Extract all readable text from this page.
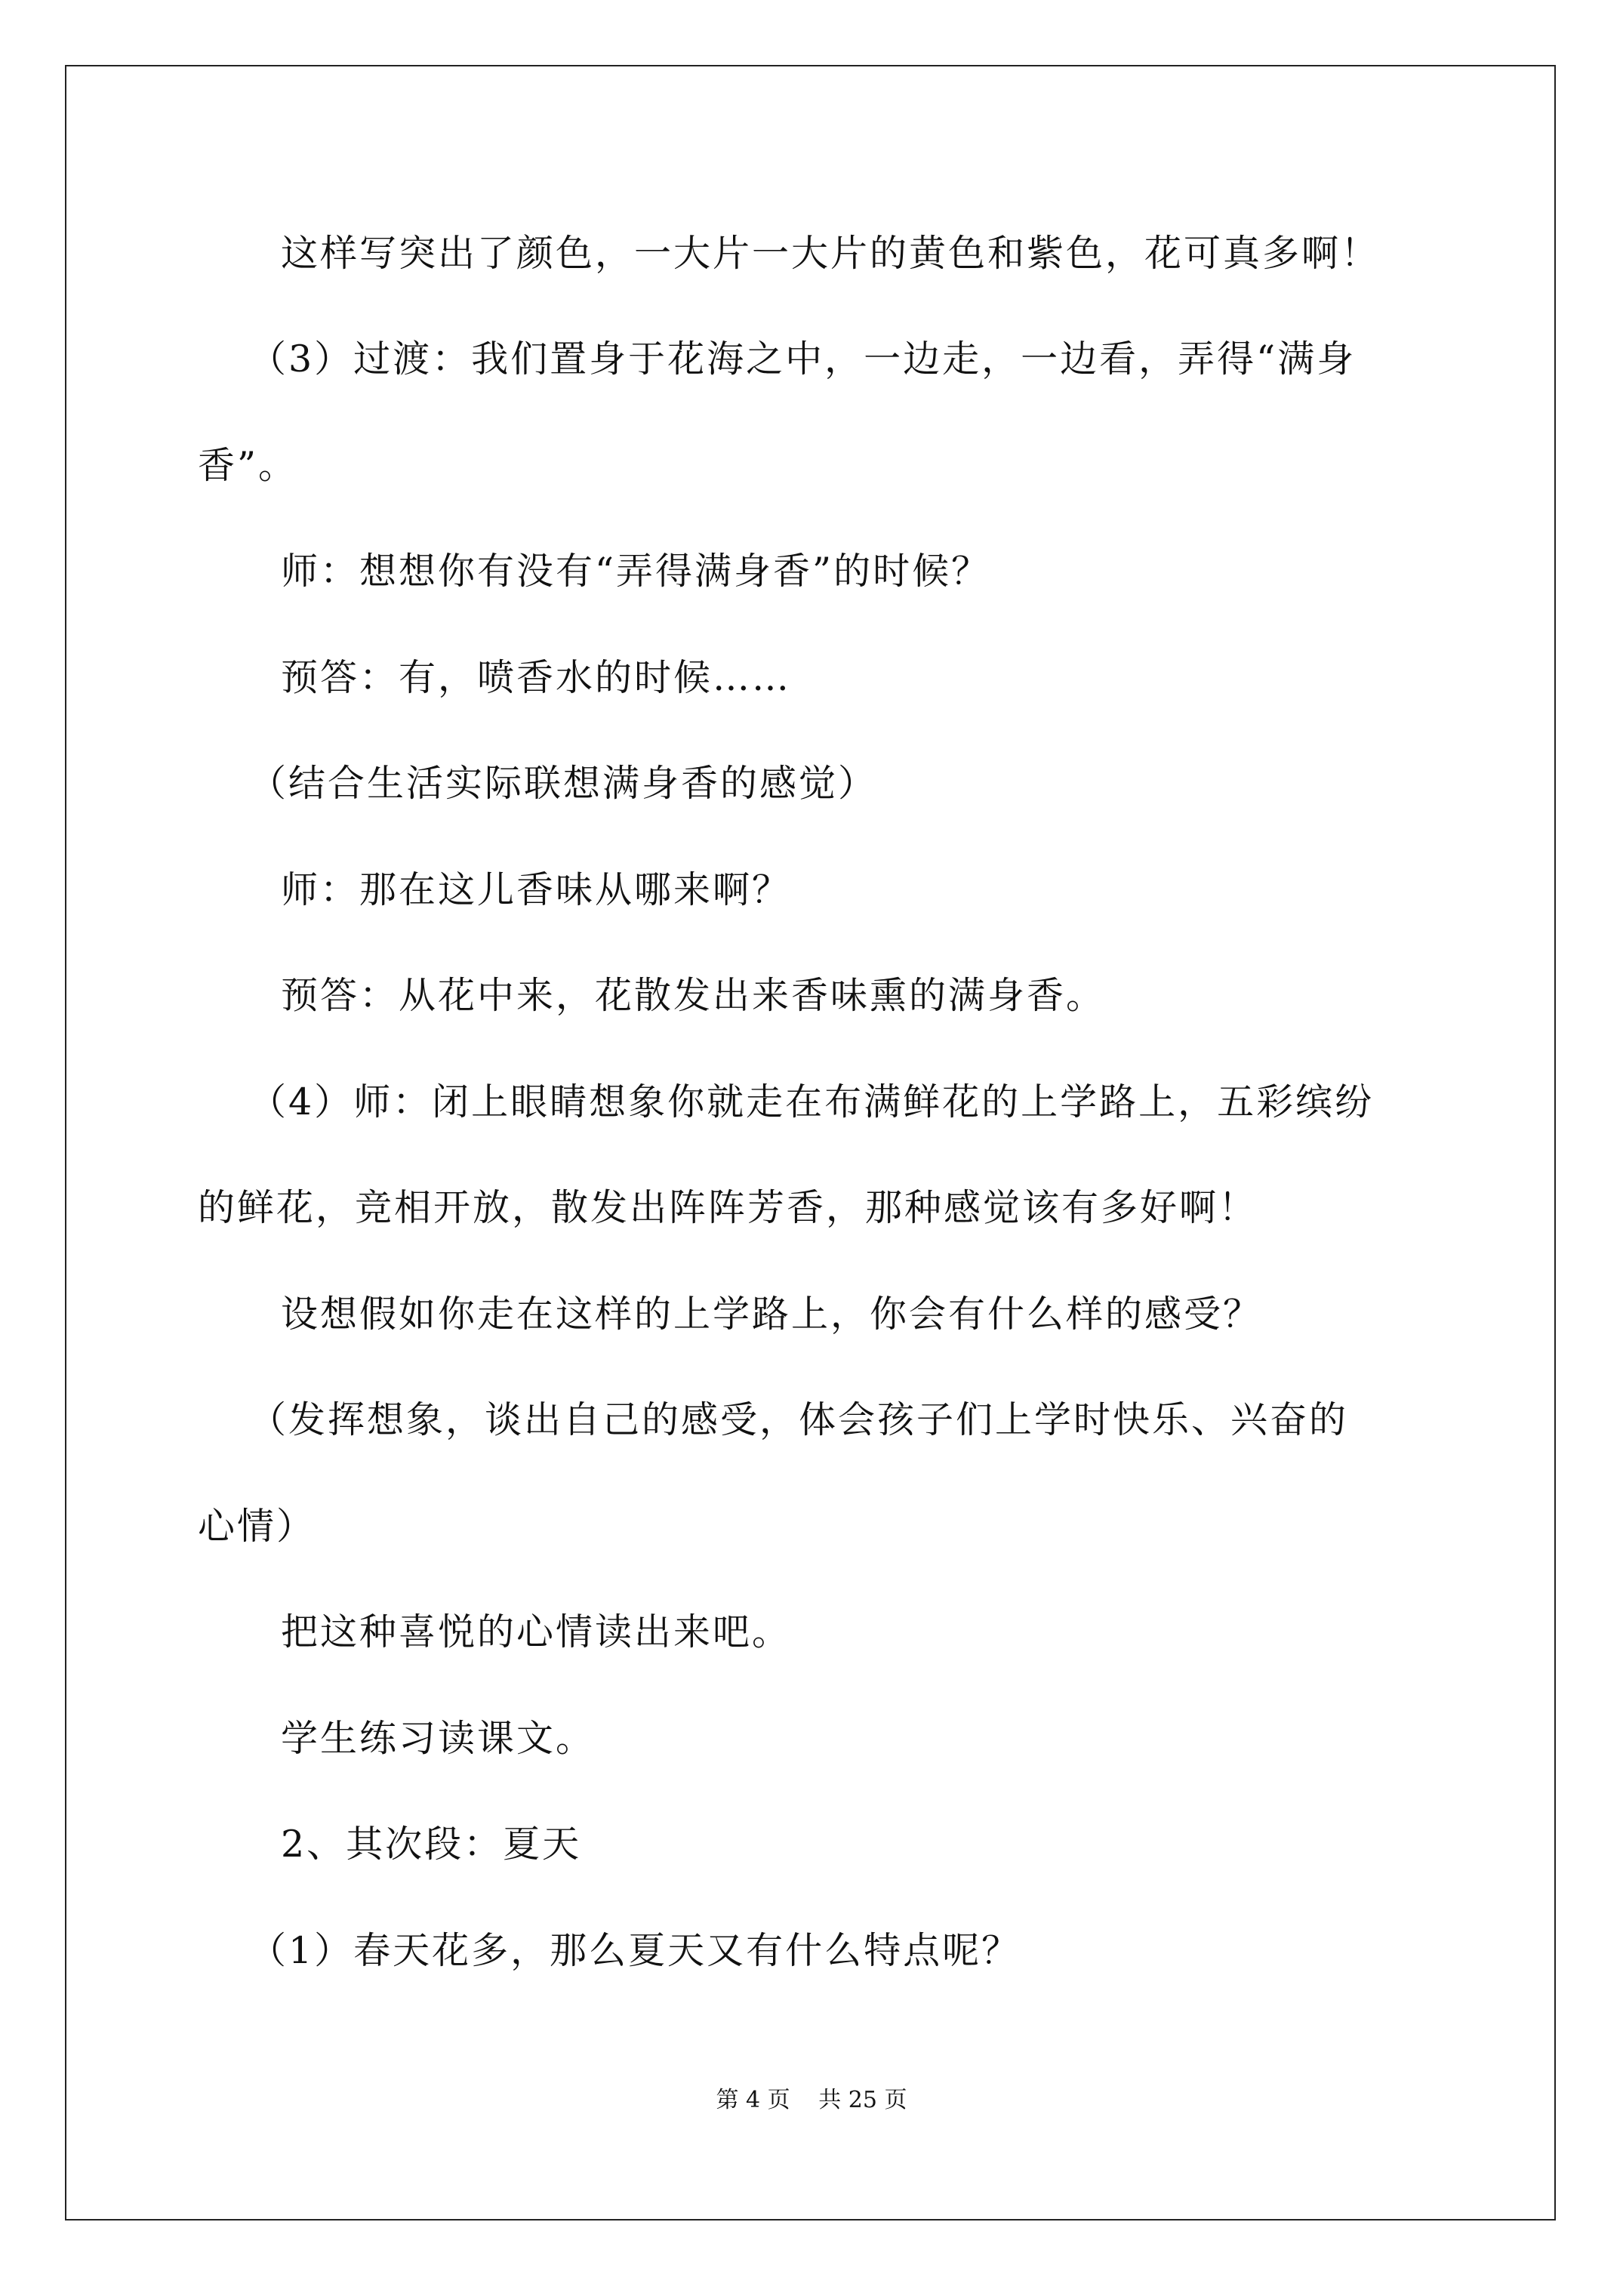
这样写突出了颜色，一大片一大片的黄色和紫色，花可真多啊！

（3）过渡：我们置身于花海之中，一边走，一边看，弄得“满身

香”。

师：想想你有没有“弄得满身香”的时候？

预答：有，喷香水的时候……

（结合生活实际联想满身香的感觉）

师：那在这儿香味从哪来啊？

预答：从花中来，花散发出来香味熏的满身香。

（4）师：闭上眼睛想象你就走在布满鲜花的上学路上，五彩缤纷

的鲜花，竞相开放，散发出阵阵芳香，那种感觉该有多好啊！

设想假如你走在这样的上学路上，你会有什么样的感受？

（发挥想象，谈出自己的感受，体会孩子们上学时快乐、兴奋的

心情）

把这种喜悦的心情读出来吧。

学生练习读课文。

2、其次段：夏天

（1）春天花多，那么夏天又有什么特点呢？

第 4 页 共 25 页
